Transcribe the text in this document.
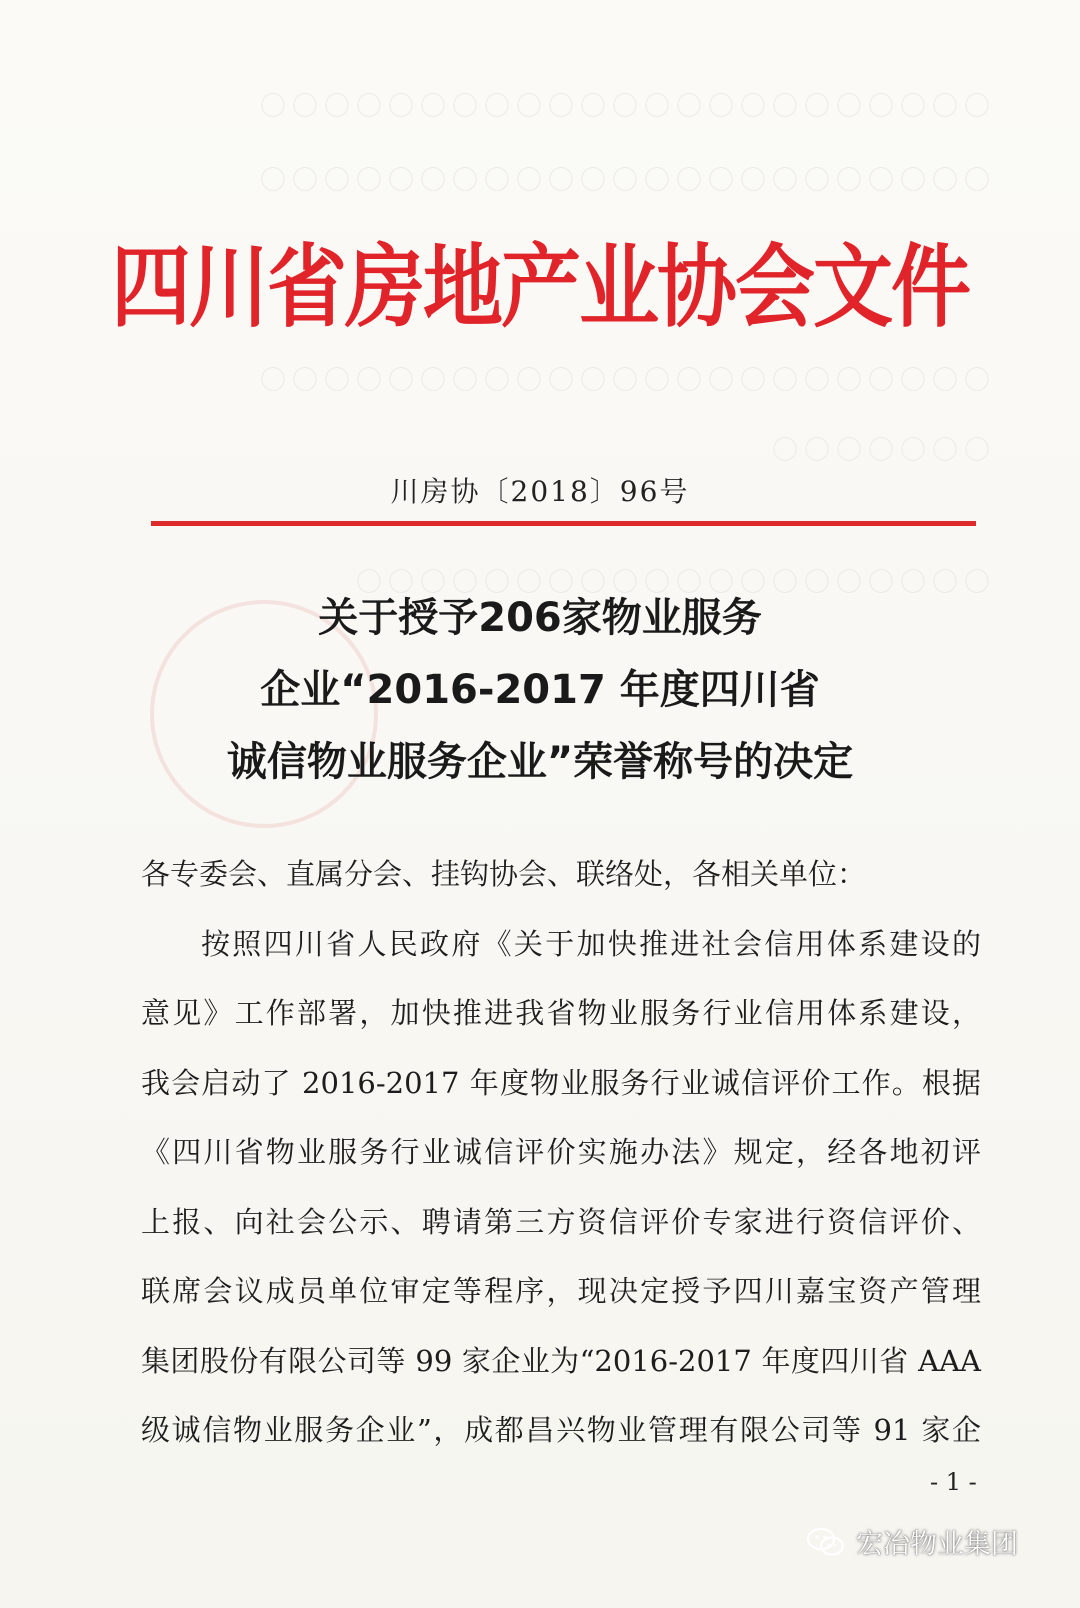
〇〇〇〇〇〇〇〇〇〇〇〇〇〇〇〇〇〇〇〇〇〇〇
〇〇〇〇〇〇〇〇〇〇〇〇〇〇〇〇〇〇〇〇〇〇〇
〇〇〇〇〇〇〇〇〇〇〇〇〇〇〇〇〇〇〇〇〇〇〇
〇〇〇〇〇〇〇
〇〇〇〇〇〇〇〇〇〇〇〇〇〇〇〇〇〇〇〇
四川省房地产业协会文件
川房协〔2018〕96号
关于授予206家物业服务
企业“2016-2017 年度四川省
诚信物业服务企业”荣誉称号的决定

各专委会、直属分会、挂钩协会、联络处，各相关单位：

按照四川省人民政府《关于加快推进社会信用体系建设的

意见》工作部署，加快推进我省物业服务行业信用体系建设，

我会启动了 2016-2017 年度物业服务行业诚信评价工作。根据

《四川省物业服务行业诚信评价实施办法》规定，经各地初评

上报、向社会公示、聘请第三方资信评价专家进行资信评价、

联席会议成员单位审定等程序，现决定授予四川嘉宝资产管理

集团股份有限公司等 99 家企业为“2016-2017 年度四川省 AAA

级诚信物业服务企业”，成都昌兴物业管理有限公司等 91 家企

- 1 -
宏冶物业集团
